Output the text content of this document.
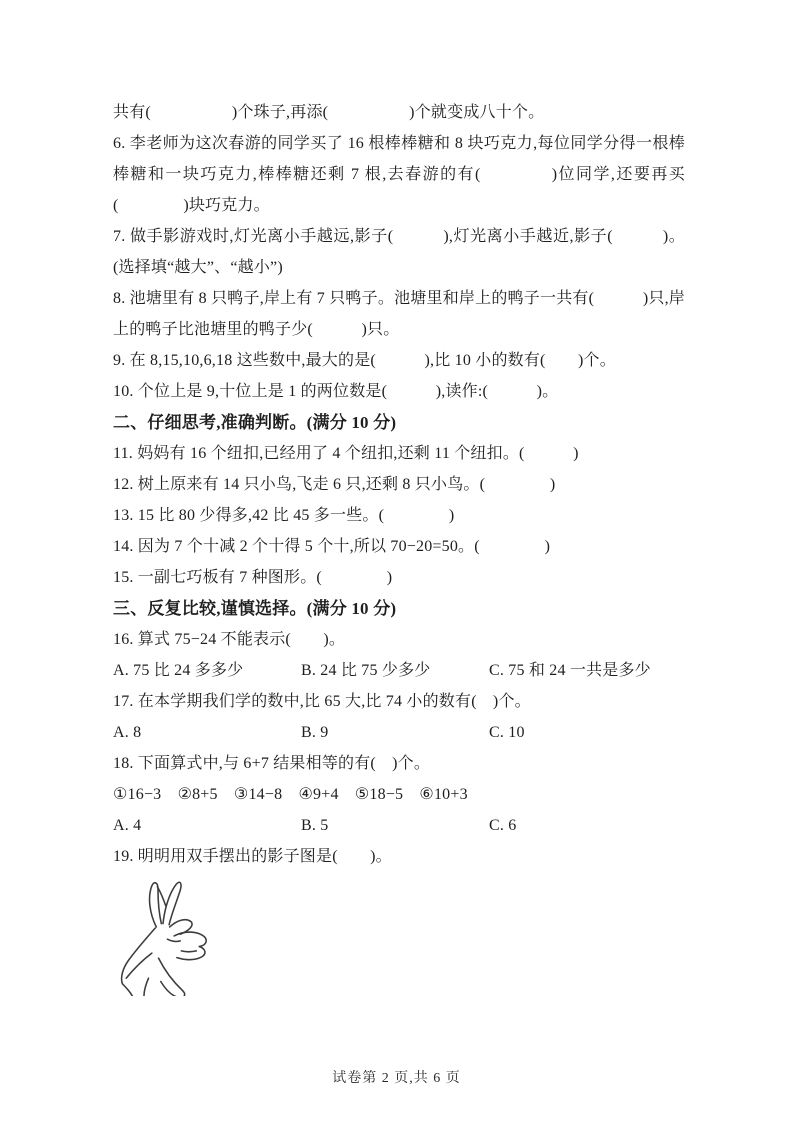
共有(　　　　　)个珠子,再添(　　　　　)个就变成八十个。

6. 李老师为这次春游的同学买了 16 根棒棒糖和 8 块巧克力,每位同学分得一根棒棒糖和一块巧克力,棒棒糖还剩 7 根,去春游的有(　　　　)位同学,还要再买(　　　　)块巧克力。

7. 做手影游戏时,灯光离小手越远,影子(　　　),灯光离小手越近,影子(　　　)。(选择填“越大”、“越小”)

8. 池塘里有 8 只鸭子,岸上有 7 只鸭子。池塘里和岸上的鸭子一共有(　　　)只,岸上的鸭子比池塘里的鸭子少(　　　)只。

9. 在 8,15,10,6,18 这些数中,最大的是(　　　),比 10 小的数有(　　)个。

10. 个位上是 9,十位上是 1 的两位数是(　　　),读作:(　　　)。

二、仔细思考,准确判断。(满分 10 分)

11. 妈妈有 16 个纽扣,已经用了 4 个纽扣,还剩 11 个纽扣。(　　　)

12. 树上原来有 14 只小鸟,飞走 6 只,还剩 8 只小鸟。(　　　　)

13. 15 比 80 少得多,42 比 45 多一些。(　　　　)

14. 因为 7 个十减 2 个十得 5 个十,所以 70−20=50。(　　　　)

15. 一副七巧板有 7 种图形。(　　　　)

三、反复比较,谨慎选择。(满分 10 分)

16. 算式 75−24 不能表示(　　)。

A. 75 比 24 多多少	B. 24 比 75 少多少	C. 75 和 24 一共是多少

17. 在本学期我们学的数中,比 65 大,比 74 小的数有(　)个。

A. 8	B. 9	C. 10

18. 下面算式中,与 6+7 结果相等的有(　)个。

①16−3　②8+5　③14−8　④9+4　⑤18−5　⑥10+3

A. 4	B. 5	C. 6

19. 明明用双手摆出的影子图是(　　)。

试卷第 2 页,共 6 页
